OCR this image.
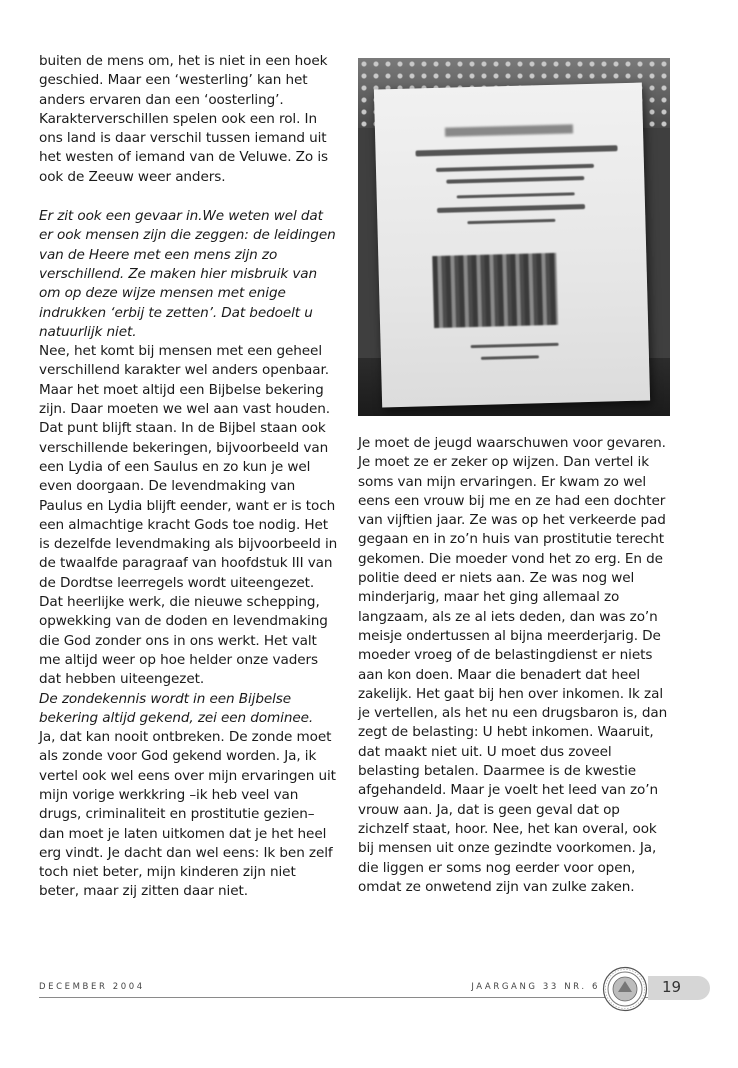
buiten de mens om, het is niet in een hoek geschied. Maar een ‘westerling’ kan het anders ervaren dan een ‘oosterling’. Karakterverschillen spelen ook een rol. In ons land is daar verschil tussen iemand uit het westen of iemand van de Veluwe. Zo is ook de Zeeuw weer anders.

Er zit ook een gevaar in.We weten wel dat er ook mensen zijn die zeggen: de leidingen van de Heere met een mens zijn zo verschillend. Ze maken hier misbruik van om op deze wijze mensen met enige indrukken ‘erbij te zetten’. Dat bedoelt u natuurlijk niet.

Nee, het komt bij mensen met een geheel verschillend karakter wel anders openbaar. Maar het moet altijd een Bijbelse bekering zijn. Daar moeten we wel aan vast houden. Dat punt blijft staan. In de Bijbel staan ook verschillende bekeringen, bijvoorbeeld van een Lydia of een Saulus en zo kun je wel even doorgaan. De levendmaking van Paulus en Lydia blijft eender, want er is toch een almachtige kracht Gods toe nodig. Het is dezelfde levendmaking als bijvoorbeeld in de twaalfde paragraaf van hoofdstuk III van de Dordtse leerregels wordt uiteengezet. Dat heerlijke werk, die nieuwe schepping, opwekking van de doden en levendmaking die God zonder ons in ons werkt. Het valt me altijd weer op hoe helder onze vaders dat hebben uiteengezet.

De zondekennis wordt in een Bijbelse bekering altijd gekend, zei een dominee.

Ja, dat kan nooit ontbreken. De zonde moet als zonde voor God gekend worden. Ja, ik vertel ook wel eens over mijn ervaringen uit mijn vorige werkkring –ik heb veel van drugs, criminaliteit en prostitutie gezien– dan moet je laten uitkomen dat je het heel erg vindt. Je dacht dan wel eens: Ik ben zelf toch niet beter, mijn kinderen zijn niet beter, maar zij zitten daar niet.

Je moet de jeugd waarschuwen voor gevaren. Je moet ze er zeker op wijzen. Dan vertel ik soms van mijn ervaringen. Er kwam zo wel eens een vrouw bij me en ze had een dochter van vijftien jaar. Ze was op het verkeerde pad gegaan en in zo’n huis van prostitutie terecht gekomen. Die moeder vond het zo erg. En de politie deed er niets aan. Ze was nog wel minderjarig, maar het ging allemaal zo langzaam, als ze al iets deden, dan was zo’n meisje ondertussen al bijna meerderjarig. De moeder vroeg of de belastingdienst er niets aan kon doen. Maar die benadert dat heel zakelijk. Het gaat bij hen over inkomen. Ik zal je vertellen, als het nu een drugsbaron is, dan zegt de belasting: U hebt inkomen. Waaruit, dat maakt niet uit. U moet dus zoveel belasting betalen. Daarmee is de kwestie afgehandeld. Maar je voelt het leed van zo’n vrouw aan. Ja, dat is geen geval dat op zichzelf staat, hoor. Nee, het kan overal, ook bij mensen uit onze gezindte voorkomen. Ja, die liggen er soms nog eerder voor open, omdat ze onwetend zijn van zulke zaken.

DECEMBER 2004	JAARGANG 33 NR. 6	19
